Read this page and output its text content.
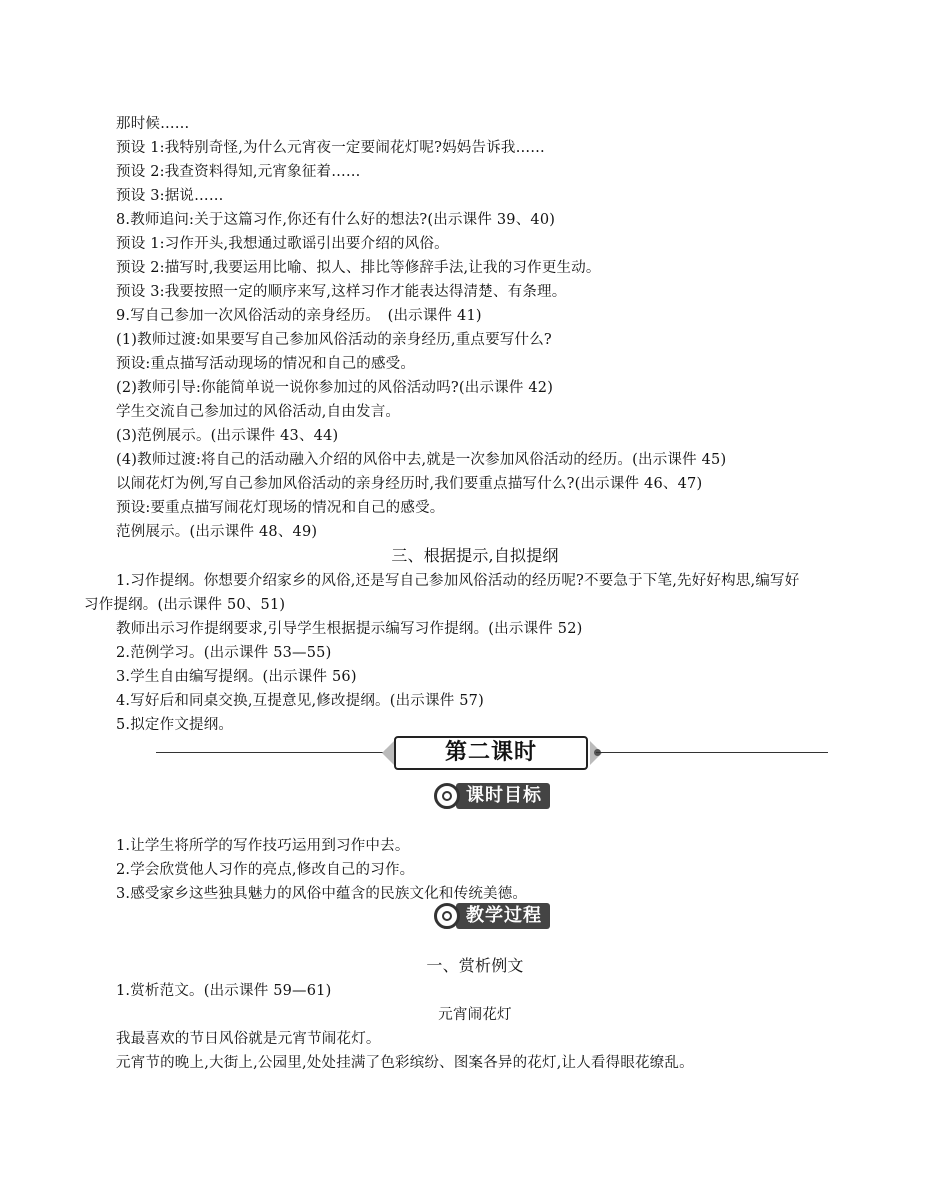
那时候……
预设 1:我特别奇怪,为什么元宵夜一定要闹花灯呢?妈妈告诉我……
预设 2:我查资料得知,元宵象征着……
预设 3:据说……
8.教师追问:关于这篇习作,你还有什么好的想法?(出示课件 39、40)
预设 1:习作开头,我想通过歌谣引出要介绍的风俗。
预设 2:描写时,我要运用比喻、拟人、排比等修辞手法,让我的习作更生动。
预设 3:我要按照一定的顺序来写,这样习作才能表达得清楚、有条理。
9.写自己参加一次风俗活动的亲身经历。　(出示课件 41)
(1)教师过渡:如果要写自己参加风俗活动的亲身经历,重点要写什么?
预设:重点描写活动现场的情况和自己的感受。
(2)教师引导:你能简单说一说你参加过的风俗活动吗?(出示课件 42)
学生交流自己参加过的风俗活动,自由发言。
(3)范例展示。(出示课件 43、44)
(4)教师过渡:将自己的活动融入介绍的风俗中去,就是一次参加风俗活动的经历。(出示课件 45)
以闹花灯为例,写自己参加风俗活动的亲身经历时,我们要重点描写什么?(出示课件 46、47)
预设:要重点描写闹花灯现场的情况和自己的感受。
范例展示。(出示课件 48、49)
三、根据提示,自拟提纲
1.习作提纲。你想要介绍家乡的风俗,还是写自己参加风俗活动的经历呢?不要急于下笔,先好好构思,编写好
习作提纲。(出示课件 50、51)
教师出示习作提纲要求,引导学生根据提示编写习作提纲。(出示课件 52)
2.范例学习。(出示课件 53—55)
3.学生自由编写提纲。(出示课件 56)
4.写好后和同桌交换,互提意见,修改提纲。(出示课件 57)
5.拟定作文提纲。
第二课时
课时目标
1.让学生将所学的写作技巧运用到习作中去。
2.学会欣赏他人习作的亮点,修改自己的习作。
3.感受家乡这些独具魅力的风俗中蕴含的民族文化和传统美德。
教学过程
一、赏析例文
1.赏析范文。(出示课件 59—61)
元宵闹花灯
我最喜欢的节日风俗就是元宵节闹花灯。
元宵节的晚上,大街上,公园里,处处挂满了色彩缤纷、图案各异的花灯,让人看得眼花缭乱。
